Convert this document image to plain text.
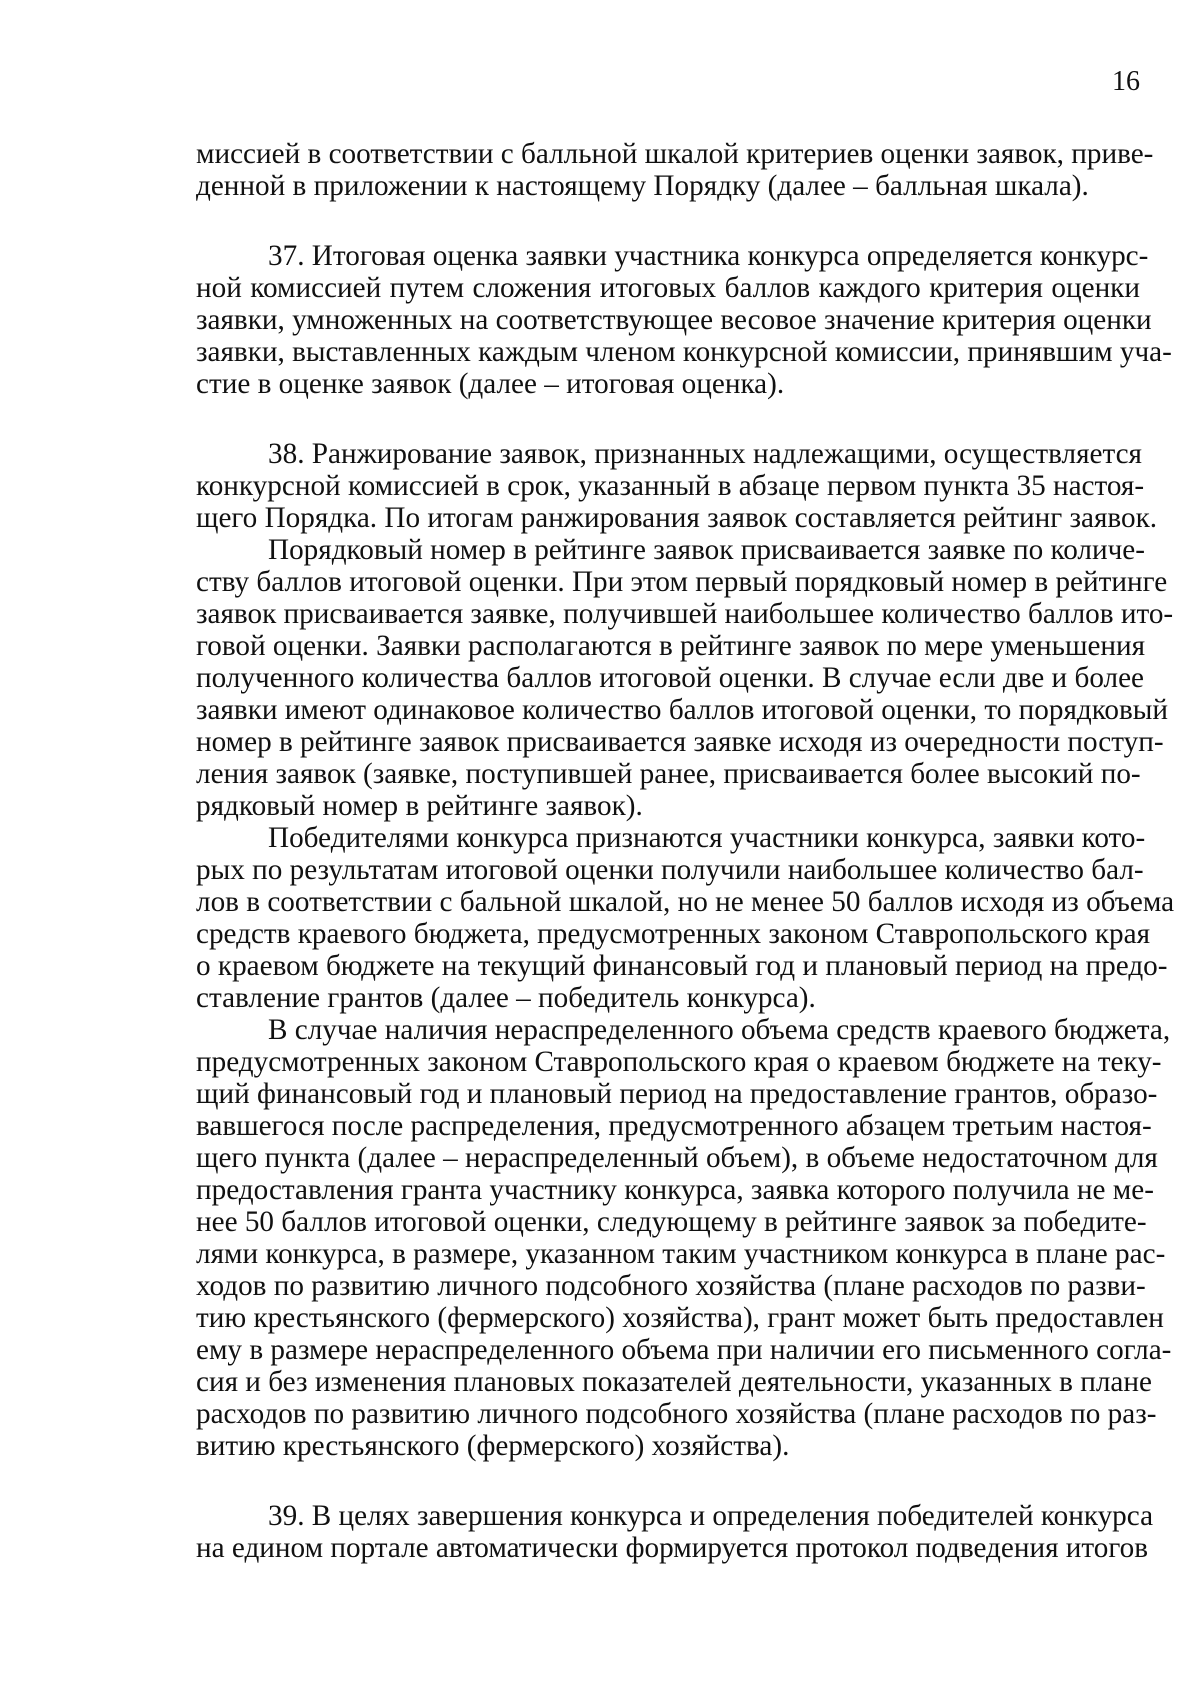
16
миссией в соответствии с балльной шкалой критериев оценки заявок, приве-
денной в приложении к настоящему Порядку (далее – балльная шкала).
37. Итоговая оценка заявки участника конкурса определяется конкурс-
ной комиссией путем сложения итоговых баллов каждого критерия оценки
заявки, умноженных на соответствующее весовое значение критерия оценки
заявки, выставленных каждым членом конкурсной комиссии, принявшим уча-
стие в оценке заявок (далее – итоговая оценка).
38. Ранжирование заявок, признанных надлежащими, осуществляется
конкурсной комиссией в срок, указанный в абзаце первом пункта 35 настоя-
щего Порядка. По итогам ранжирования заявок составляется рейтинг заявок.
Порядковый номер в рейтинге заявок присваивается заявке по количе-
ству баллов итоговой оценки. При этом первый порядковый номер в рейтинге
заявок присваивается заявке, получившей наибольшее количество баллов ито-
говой оценки. Заявки располагаются в рейтинге заявок по мере уменьшения
полученного количества баллов итоговой оценки. В случае если две и более
заявки имеют одинаковое количество баллов итоговой оценки, то порядковый
номер в рейтинге заявок присваивается заявке исходя из очередности поступ-
ления заявок (заявке, поступившей ранее, присваивается более высокий по-
рядковый номер в рейтинге заявок).
Победителями конкурса признаются участники конкурса, заявки кото-
рых по результатам итоговой оценки получили наибольшее количество бал-
лов в соответствии с бальной шкалой, но не менее 50 баллов исходя из объема
средств краевого бюджета, предусмотренных законом Ставропольского края
о краевом бюджете на текущий финансовый год и плановый период на предо-
ставление грантов (далее – победитель конкурса).
В случае наличия нераспределенного объема средств краевого бюджета,
предусмотренных законом Ставропольского края о краевом бюджете на теку-
щий финансовый год и плановый период на предоставление грантов, образо-
вавшегося после распределения, предусмотренного абзацем третьим настоя-
щего пункта (далее – нераспределенный объем), в объеме недостаточном для
предоставления гранта участнику конкурса, заявка которого получила не ме-
нее 50 баллов итоговой оценки, следующему в рейтинге заявок за победите-
лями конкурса, в размере, указанном таким участником конкурса в плане рас-
ходов по развитию личного подсобного хозяйства (плане расходов по разви-
тию крестьянского (фермерского) хозяйства), грант может быть предоставлен
ему в размере нераспределенного объема при наличии его письменного согла-
сия и без изменения плановых показателей деятельности, указанных в плане
расходов по развитию личного подсобного хозяйства (плане расходов по раз-
витию крестьянского (фермерского) хозяйства).
39. В целях завершения конкурса и определения победителей конкурса
на едином портале автоматически формируется протокол подведения итогов
